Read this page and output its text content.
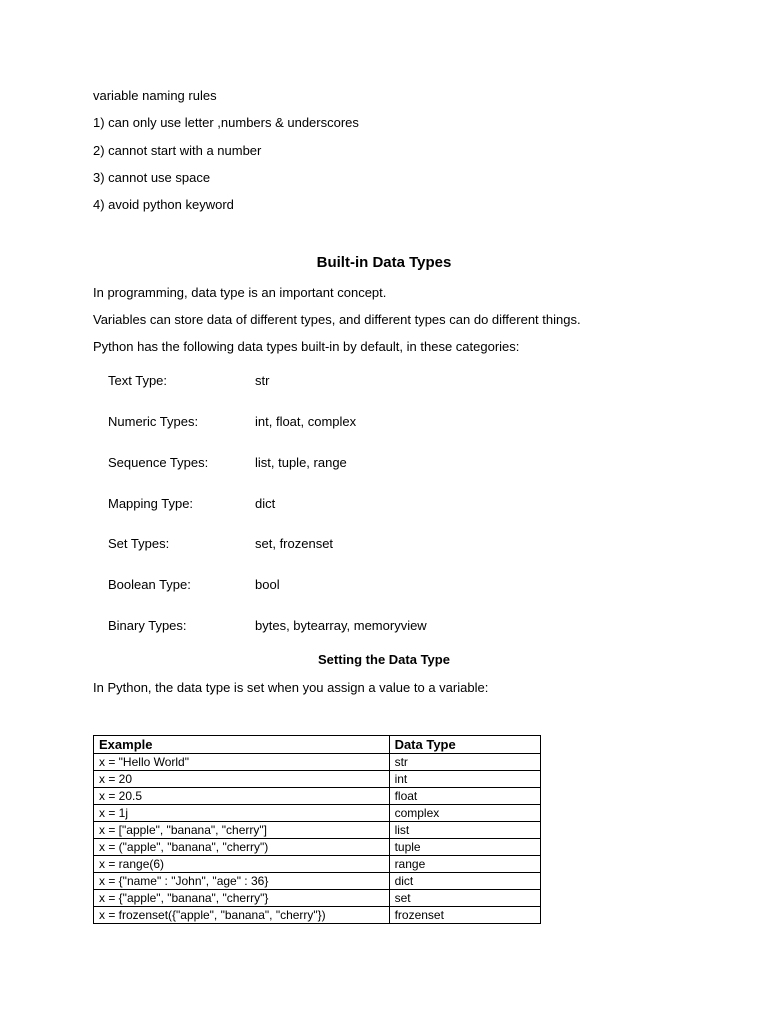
variable naming rules
1) can only use letter ,numbers & underscores
2) cannot start with a number
3) cannot use space
4) avoid python keyword
Built-in Data Types
In programming, data type is an important concept.
Variables can store data of different types, and different types can do different things.
Python has the following data types built-in by default, in these categories:
Text Type:	str
Numeric Types:	int, float, complex
Sequence Types:	list, tuple, range
Mapping Type:	dict
Set Types:	set, frozenset
Boolean Type:	bool
Binary Types:	bytes, bytearray, memoryview
Setting the Data Type
In Python, the data type is set when you assign a value to a variable:
Example	Data Type
x = "Hello World"	str
x = 20	int
x = 20.5	float
x = 1j	complex
x = ["apple", "banana", "cherry"]	list
x = ("apple", "banana", "cherry")	tuple
x = range(6)	range
x = {"name" : "John", "age" : 36}	dict
x = {"apple", "banana", "cherry"}	set
x = frozenset({"apple", "banana", "cherry"})	frozenset
